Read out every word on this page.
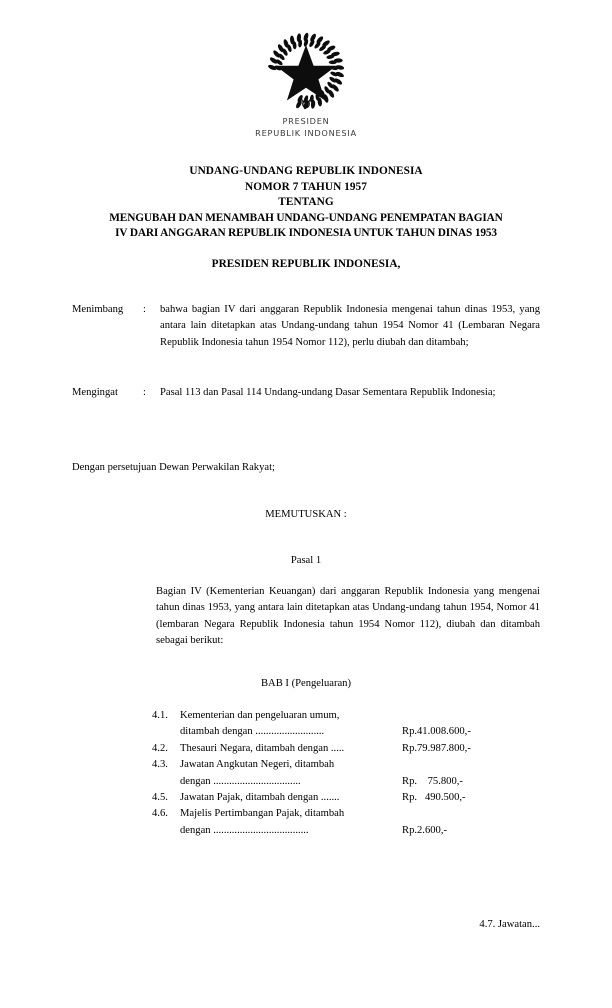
PRESIDEN
REPUBLIK INDONESIA
UNDANG-UNDANG REPUBLIK INDONESIA
NOMOR 7 TAHUN 1957
TENTANG
MENGUBAH DAN MENAMBAH UNDANG-UNDANG PENEMPATAN BAGIAN
IV DARI ANGGARAN REPUBLIK INDONESIA UNTUK TAHUN DINAS 1953
PRESIDEN REPUBLIK INDONESIA,
Menimbang	:	bahwa bagian IV dari anggaran Republik Indonesia mengenai tahun dinas 1953, yang antara lain ditetapkan atas Undang-undang tahun 1954 Nomor 41 (Lembaran Negara Republik Indonesia tahun 1954 Nomor 112), perlu diubah dan ditambah;
Mengingat	:	Pasal 113 dan Pasal 114 Undang-undang Dasar Sementara Republik Indonesia;
Dengan persetujuan Dewan Perwakilan Rakyat;
MEMUTUSKAN :
Pasal 1
Bagian IV (Kementerian Keuangan) dari anggaran Republik Indonesia yang mengenai tahun dinas 1953, yang antara lain ditetapkan atas Undang-undang tahun 1954, Nomor 41 (lembaran Negara Republik Indonesia tahun 1954 Nomor 112), diubah dan ditambah sebagai berikut:
BAB I (Pengeluaran)
4.1.	Kementerian dan pengeluaran umum,
ditambah dengan ..........................	Rp.41.008.600,-
4.2.	Thesauri Negara, ditambah dengan .....	Rp.79.987.800,-
4.3.	Jawatan Angkutan Negeri, ditambah
dengan .................................	Rp.    75.800,-
4.5.	Jawatan Pajak, ditambah dengan .......	Rp.   490.500,-
4.6.	Majelis Pertimbangan Pajak, ditambah
dengan ....................................	Rp.2.600,-
4.7. Jawatan...
